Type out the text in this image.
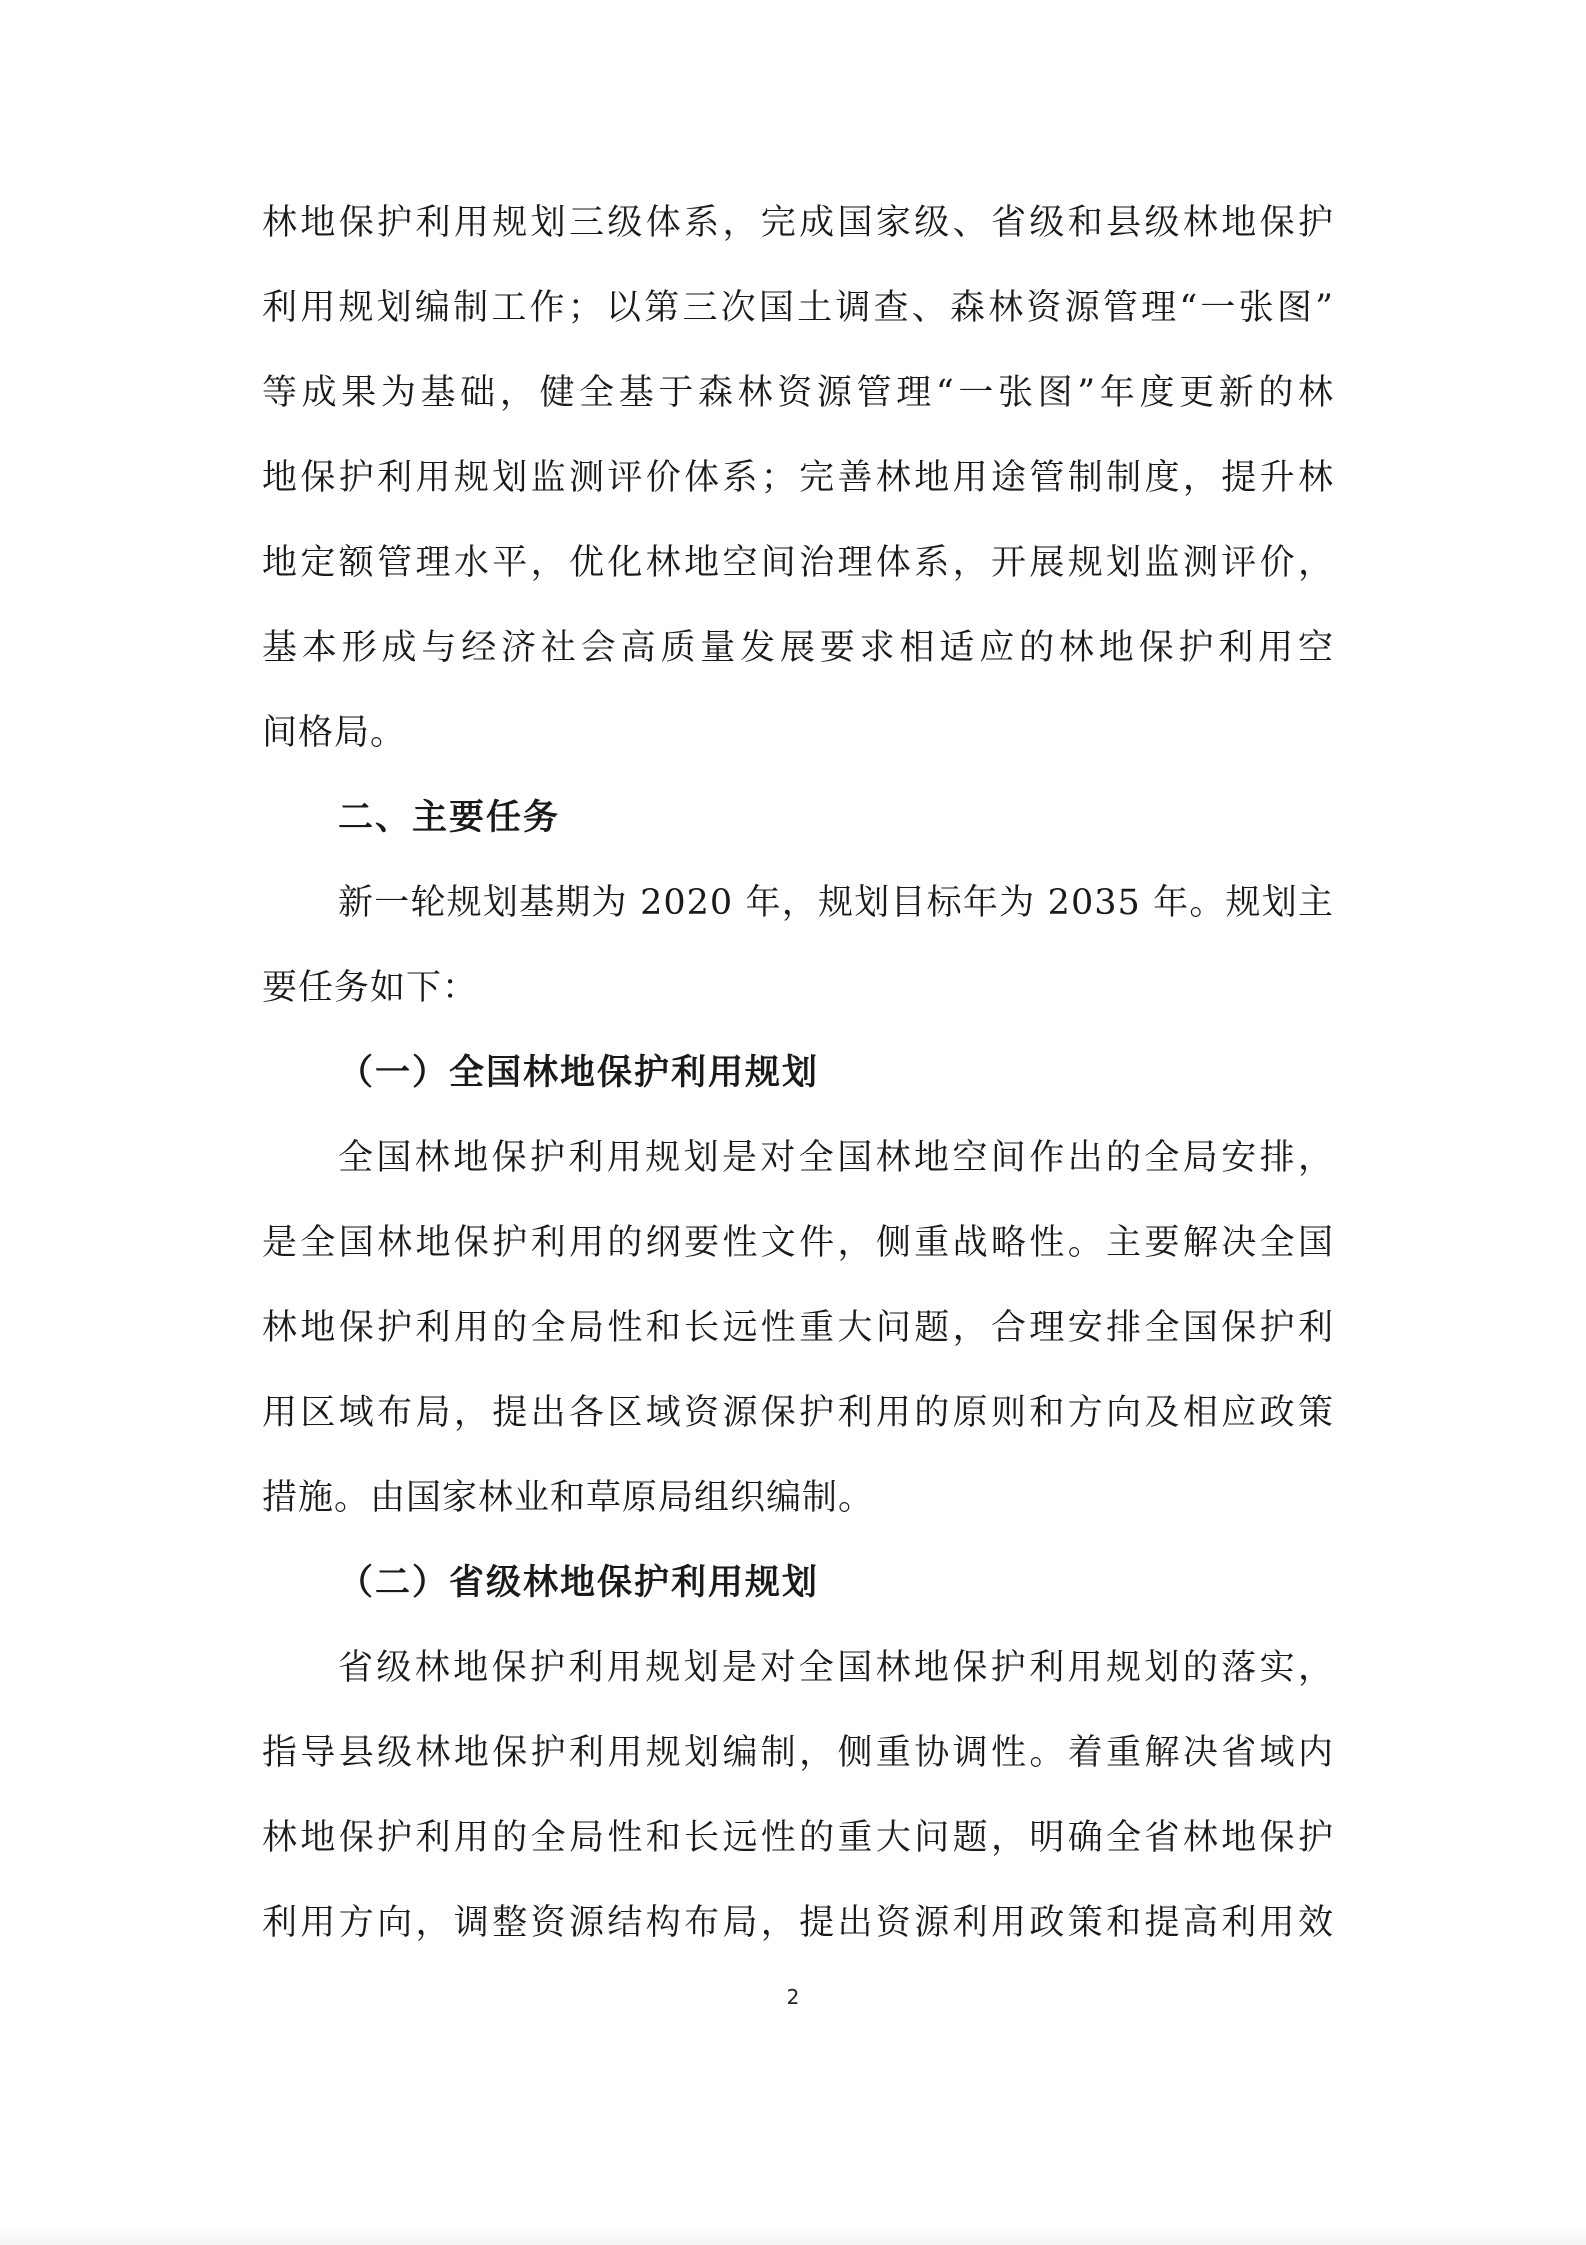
林地保护利用规划三级体系，完成国家级、省级和县级林地保护
利用规划编制工作；以第三次国土调查、森林资源管理“一张图”
等成果为基础，健全基于森林资源管理“一张图”年度更新的林
地保护利用规划监测评价体系；完善林地用途管制制度，提升林
地定额管理水平，优化林地空间治理体系，开展规划监测评价，
基本形成与经济社会高质量发展要求相适应的林地保护利用空
间格局。
二、主要任务
新一轮规划基期为 2020 年，规划目标年为 2035 年。规划主
要任务如下：
（一）全国林地保护利用规划
全国林地保护利用规划是对全国林地空间作出的全局安排，
是全国林地保护利用的纲要性文件，侧重战略性。主要解决全国
林地保护利用的全局性和长远性重大问题，合理安排全国保护利
用区域布局，提出各区域资源保护利用的原则和方向及相应政策
措施。由国家林业和草原局组织编制。
（二）省级林地保护利用规划
省级林地保护利用规划是对全国林地保护利用规划的落实，
指导县级林地保护利用规划编制，侧重协调性。着重解决省域内
林地保护利用的全局性和长远性的重大问题，明确全省林地保护
利用方向，调整资源结构布局，提出资源利用政策和提高利用效
2
